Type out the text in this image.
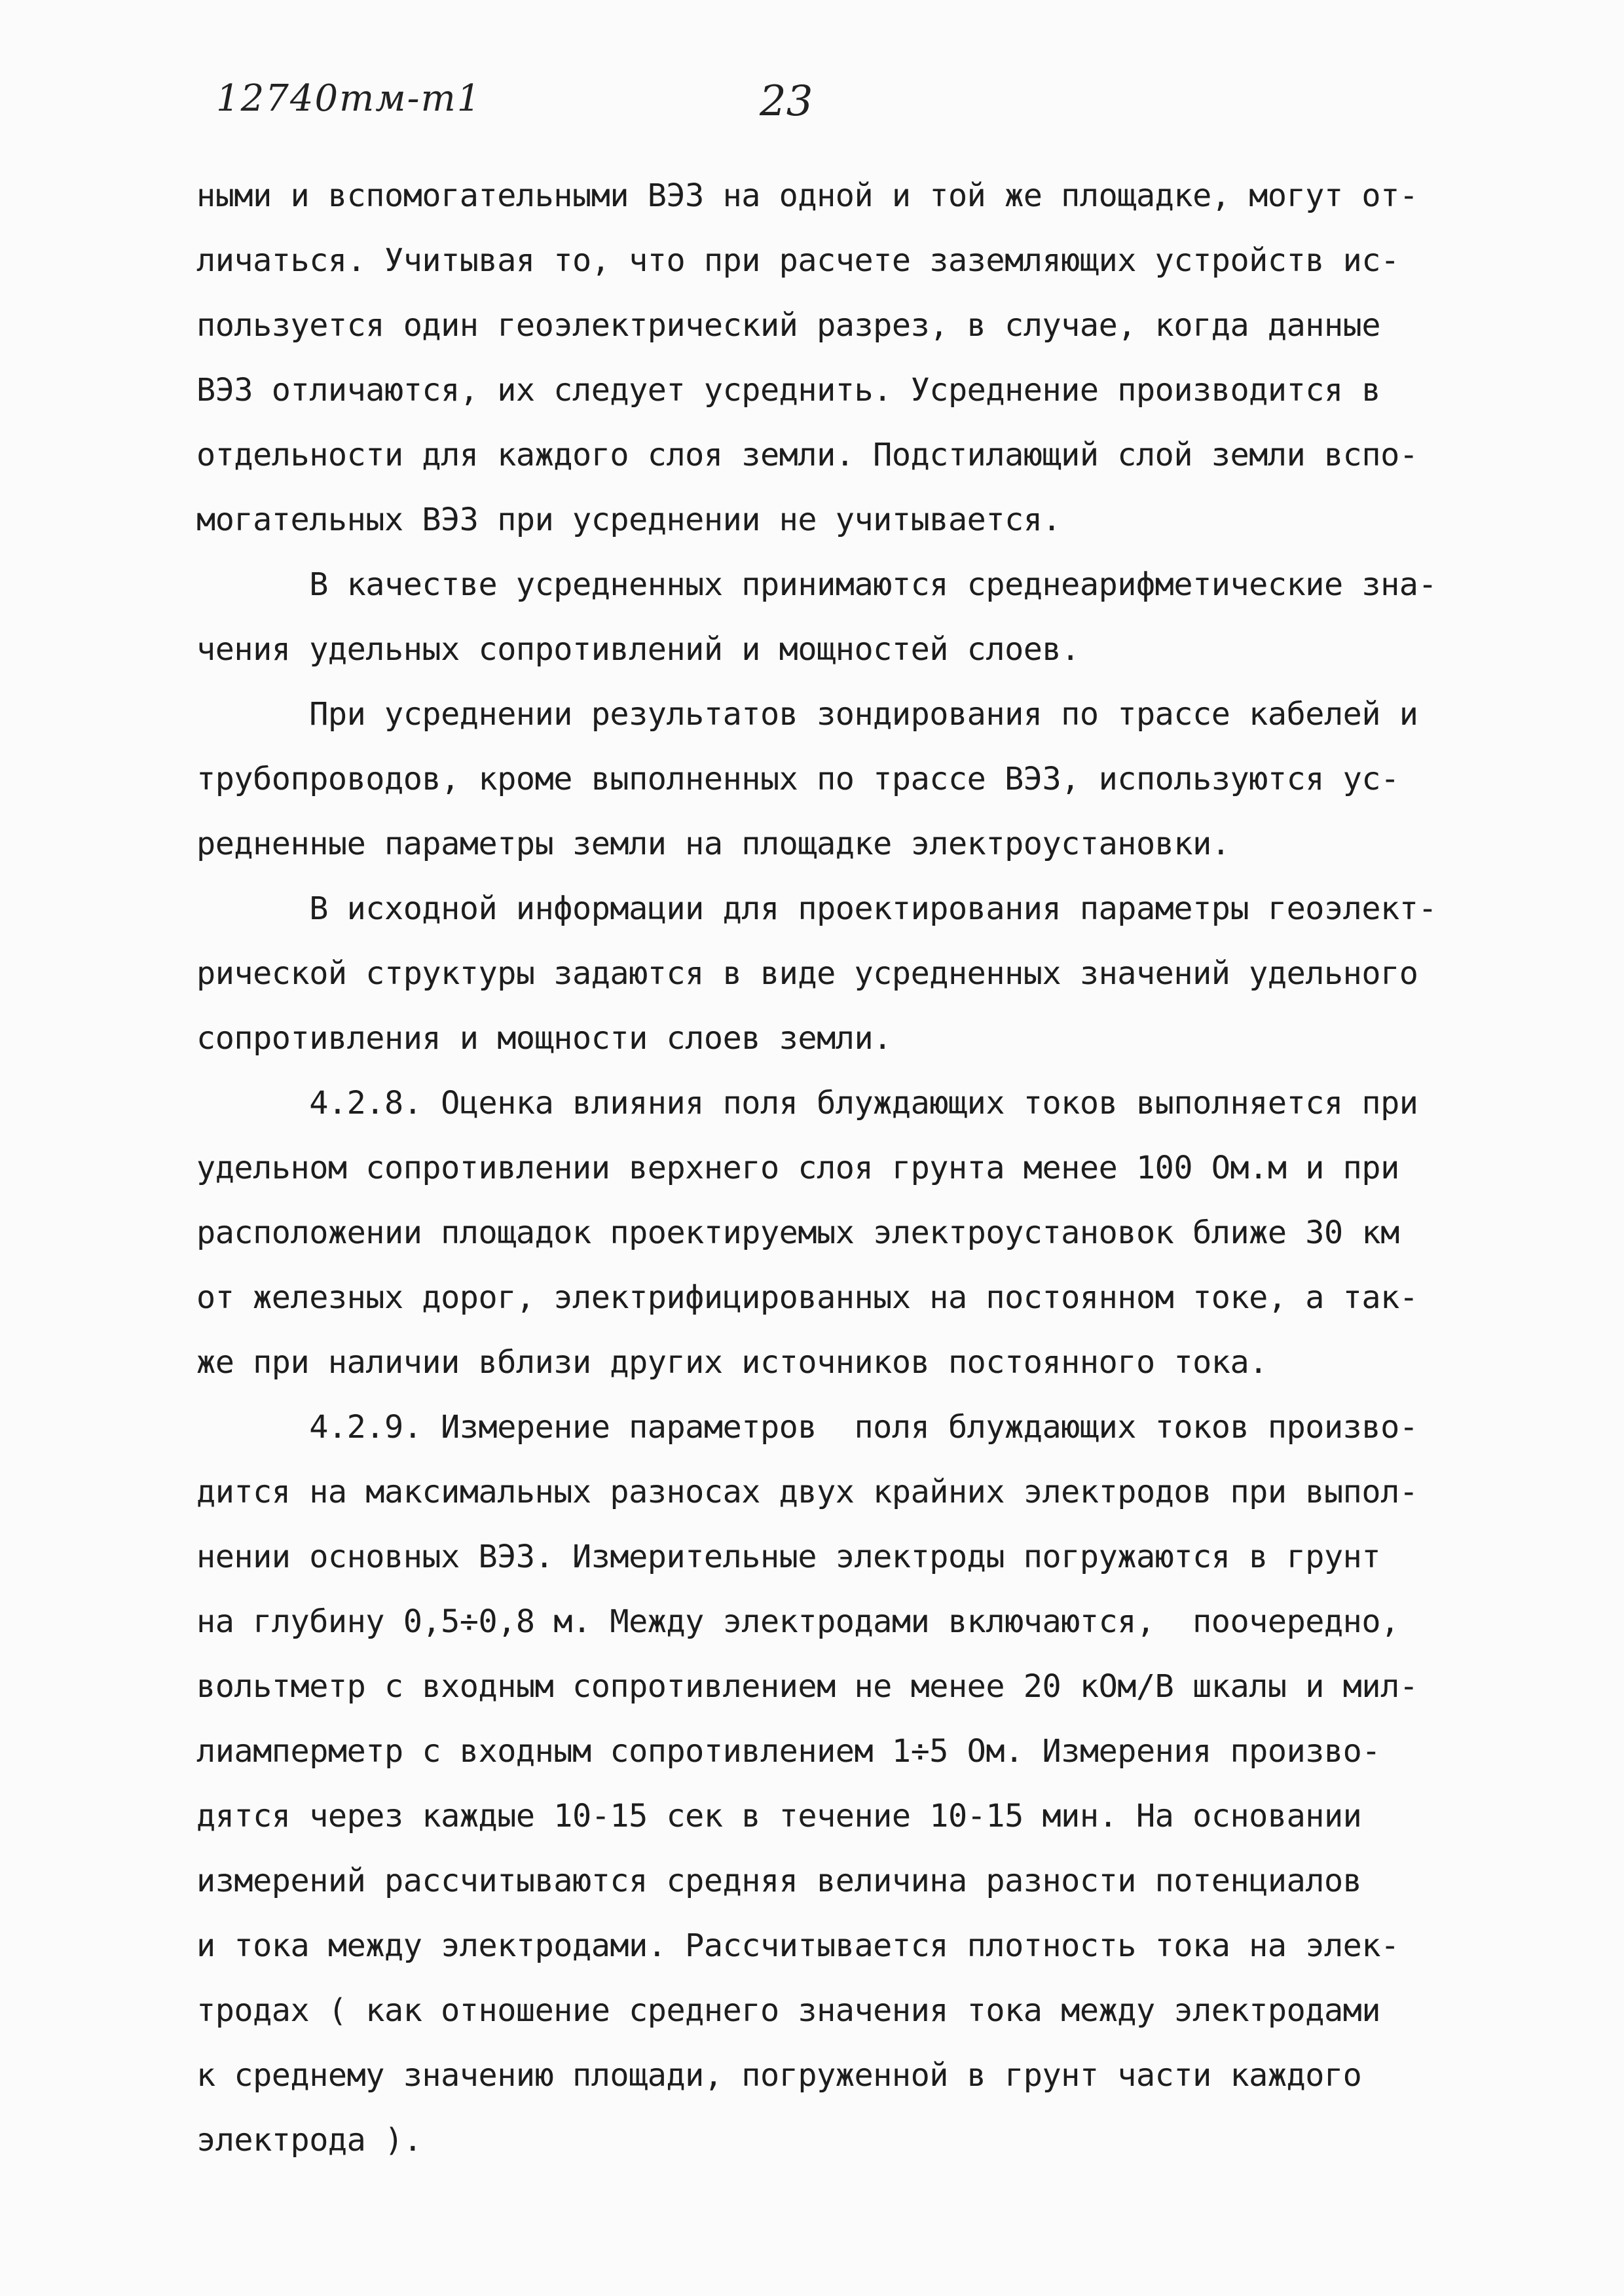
12740тм-т1	23
ными и вспомогательными ВЭЗ на одной и той же площадке, могут от-
личаться. Учитывая то, что при расчете заземляющих устройств ис-
пользуется один геоэлектрический разрез, в случае, когда данные
ВЭЗ отличаются, их следует усреднить. Усреднение производится в
отдельности для каждого слоя земли. Подстилающий слой земли вспо-
могательных ВЭЗ при усреднении не учитывается.
В качестве усредненных принимаются среднеарифметические зна-
чения удельных сопротивлений и мощностей слоев.
При усреднении результатов зондирования по трассе кабелей и
трубопроводов, кроме выполненных по трассе ВЭЗ, используются ус-
редненные параметры земли на площадке электроустановки.
В исходной информации для проектирования параметры геоэлект-
рической структуры задаются в виде усредненных значений удельного
сопротивления и мощности слоев земли.
4.2.8. Оценка влияния поля блуждающих токов выполняется при
удельном сопротивлении верхнего слоя грунта менее 100 Ом.м и при
расположении площадок проектируемых электроустановок ближе 30 км
от железных дорог, электрифицированных на постоянном токе, а так-
же при наличии вблизи других источников постоянного тока.
4.2.9. Измерение параметров  поля блуждающих токов произво-
дится на максимальных разносах двух крайних электродов при выпол-
нении основных ВЭЗ. Измерительные электроды погружаются в грунт
на глубину 0,5÷0,8 м. Между электродами включаются,  поочередно,
вольтметр с входным сопротивлением не менее 20 кОм/В шкалы и мил-
лиамперметр с входным сопротивлением 1÷5 Ом. Измерения произво-
дятся через каждые 10-15 сек в течение 10-15 мин. На основании
измерений рассчитываются средняя величина разности потенциалов
и тока между электродами. Рассчитывается плотность тока на элек-
тродах ( как отношение среднего значения тока между электродами
к среднему значению площади, погруженной в грунт части каждого
электрода ).
